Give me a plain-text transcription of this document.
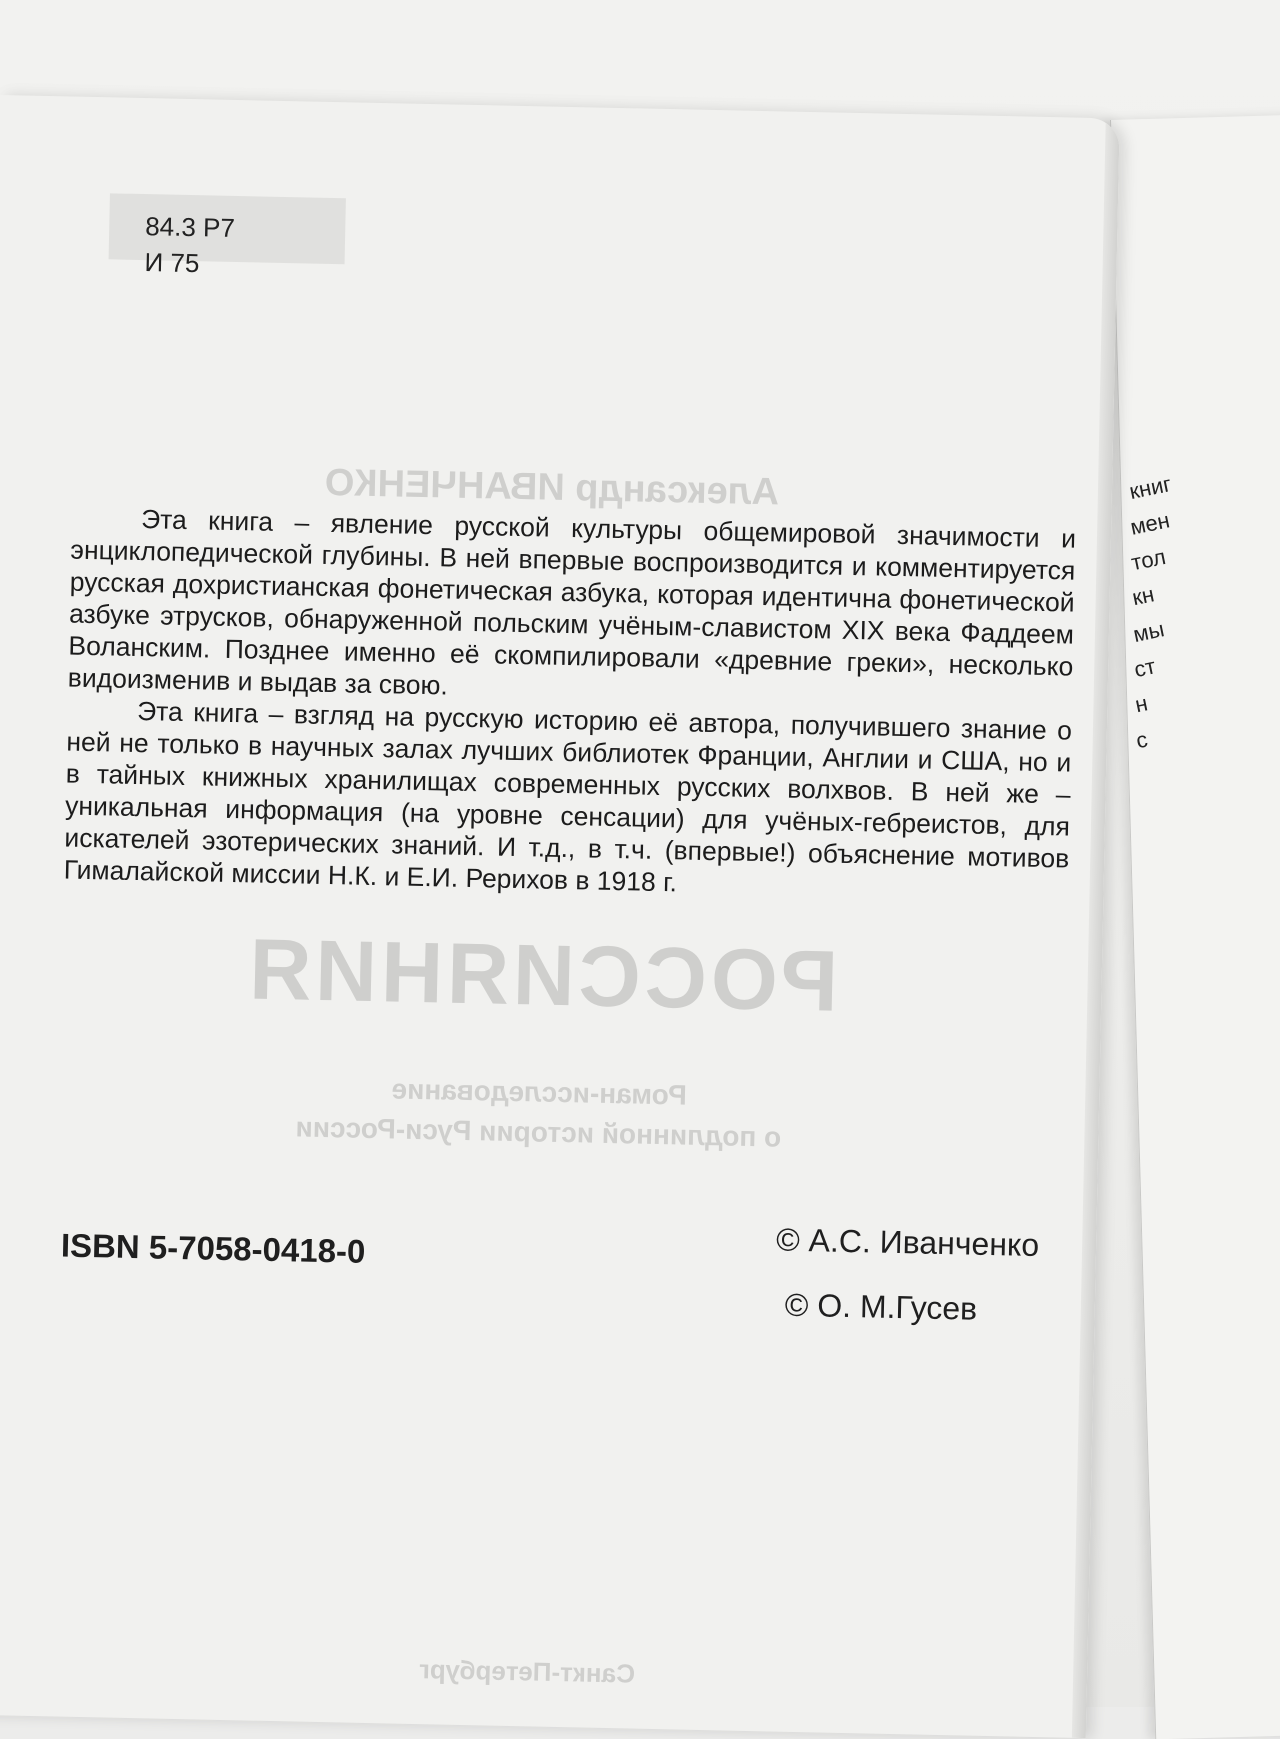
книг
мен
тол
кн
мы
ст
н
с
Александр ИВАНЧЕНКО
РОССИЯНИЯ
Роман-исследование
о подлинной истории Руси-России
Санкт-Петербург
84.3 Р7
И 75

Эта книга – явление русской культуры общемировой значимости и энциклопедической глубины. В ней впервые воспроизводится и комментируется русская дохристианская фонетическая азбука, которая идентична фонетической азбуке этрусков, обнаруженной польским учёным-славистом XIX века Фаддеем Воланским. Позднее именно её скомпилировали «древние греки», несколько видоизменив и выдав за свою.

Эта книга – взгляд на русскую историю её автора, получившего знание о ней не только в научных залах лучших библиотек Франции, Англии и США, но и в тайных книжных хранилищах современных русских волхвов. В ней же – уникальная информация (на уровне сенсации) для учёных-гебреистов, для искателей эзотерических знаний. И т.д., в т.ч. (впервые!) объяснение мотивов Гималайской миссии Н.К. и Е.И. Рерихов в 1918 г.

ISBN 5-7058-0418-0	© А.С. Иванченко
© О. М.Гусев
